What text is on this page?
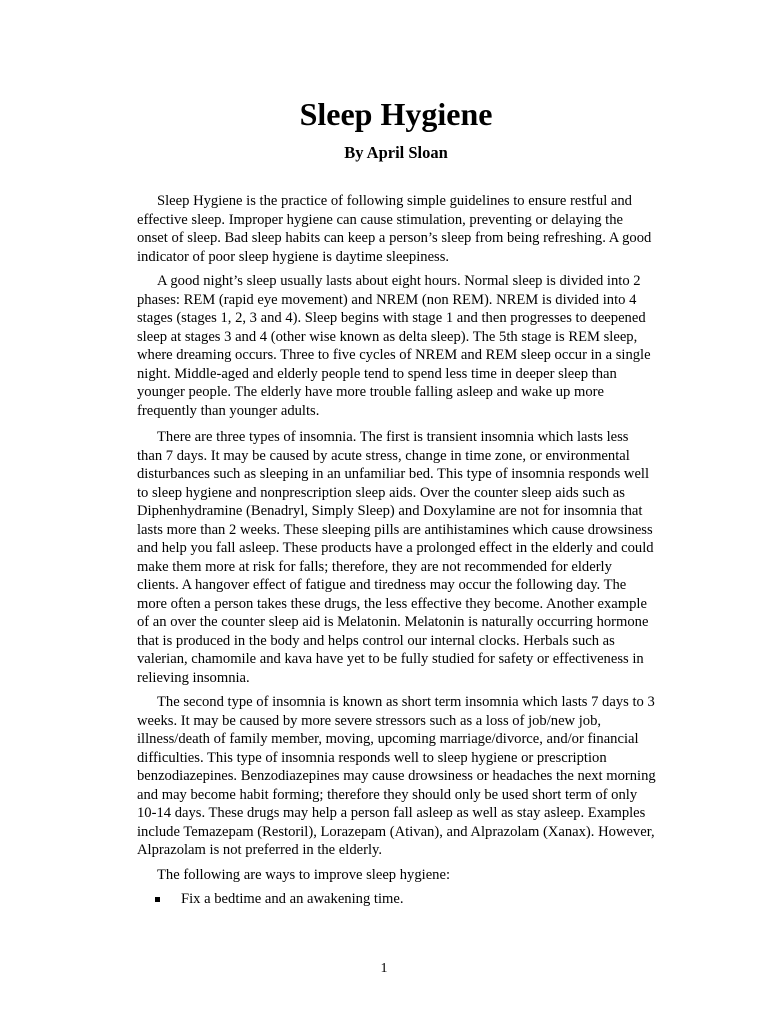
Sleep Hygiene
By April Sloan

Sleep Hygiene is the practice of following simple guidelines to ensure restful and effective sleep. Improper hygiene can cause stimulation, preventing or delaying the onset of sleep. Bad sleep habits can keep a person’s sleep from being refreshing. A good indicator of poor sleep hygiene is daytime sleepiness.

A good night’s sleep usually lasts about eight hours. Normal sleep is divided into 2 phases: REM (rapid eye movement) and NREM (non REM). NREM is divided into 4 stages (stages 1, 2, 3 and 4). Sleep begins with stage 1 and then progresses to deepened sleep at stages 3 and 4 (other wise known as delta sleep). The 5th stage is REM sleep, where dreaming occurs. Three to five cycles of NREM and REM sleep occur in a single night. Middle-aged and elderly people tend to spend less time in deeper sleep than younger people. The elderly have more trouble falling asleep and wake up more frequently than younger adults.

There are three types of insomnia. The first is transient insomnia which lasts less than 7 days. It may be caused by acute stress, change in time zone, or environmental disturbances such as sleeping in an unfamiliar bed. This type of insomnia responds well to sleep hygiene and nonprescription sleep aids. Over the counter sleep aids such as Diphenhydramine (Benadryl, Simply Sleep) and Doxylamine are not for insomnia that lasts more than 2 weeks. These sleeping pills are antihistamines which cause drowsiness and help you fall asleep. These products have a prolonged effect in the elderly and could make them more at risk for falls; therefore, they are not recommended for elderly clients. A hangover effect of fatigue and tiredness may occur the following day. The more often a person takes these drugs, the less effective they become. Another example of an over the counter sleep aid is Melatonin. Melatonin is naturally occurring hormone that is produced in the body and helps control our internal clocks. Herbals such as valerian, chamomile and kava have yet to be fully studied for safety or effectiveness in relieving insomnia.

The second type of insomnia is known as short term insomnia which lasts 7 days to 3 weeks. It may be caused by more severe stressors such as a loss of job/new job, illness/death of family member, moving, upcoming marriage/divorce, and/or financial difficulties. This type of insomnia responds well to sleep hygiene or prescription benzodiazepines. Benzodiazepines may cause drowsiness or headaches the next morning and may become habit forming; therefore they should only be used short term of only 10-14 days. These drugs may help a person fall asleep as well as stay asleep. Examples include Temazepam (Restoril), Lorazepam (Ativan), and Alprazolam (Xanax). However, Alprazolam is not preferred in the elderly.

The following are ways to improve sleep hygiene:

Fix a bedtime and an awakening time.
1
